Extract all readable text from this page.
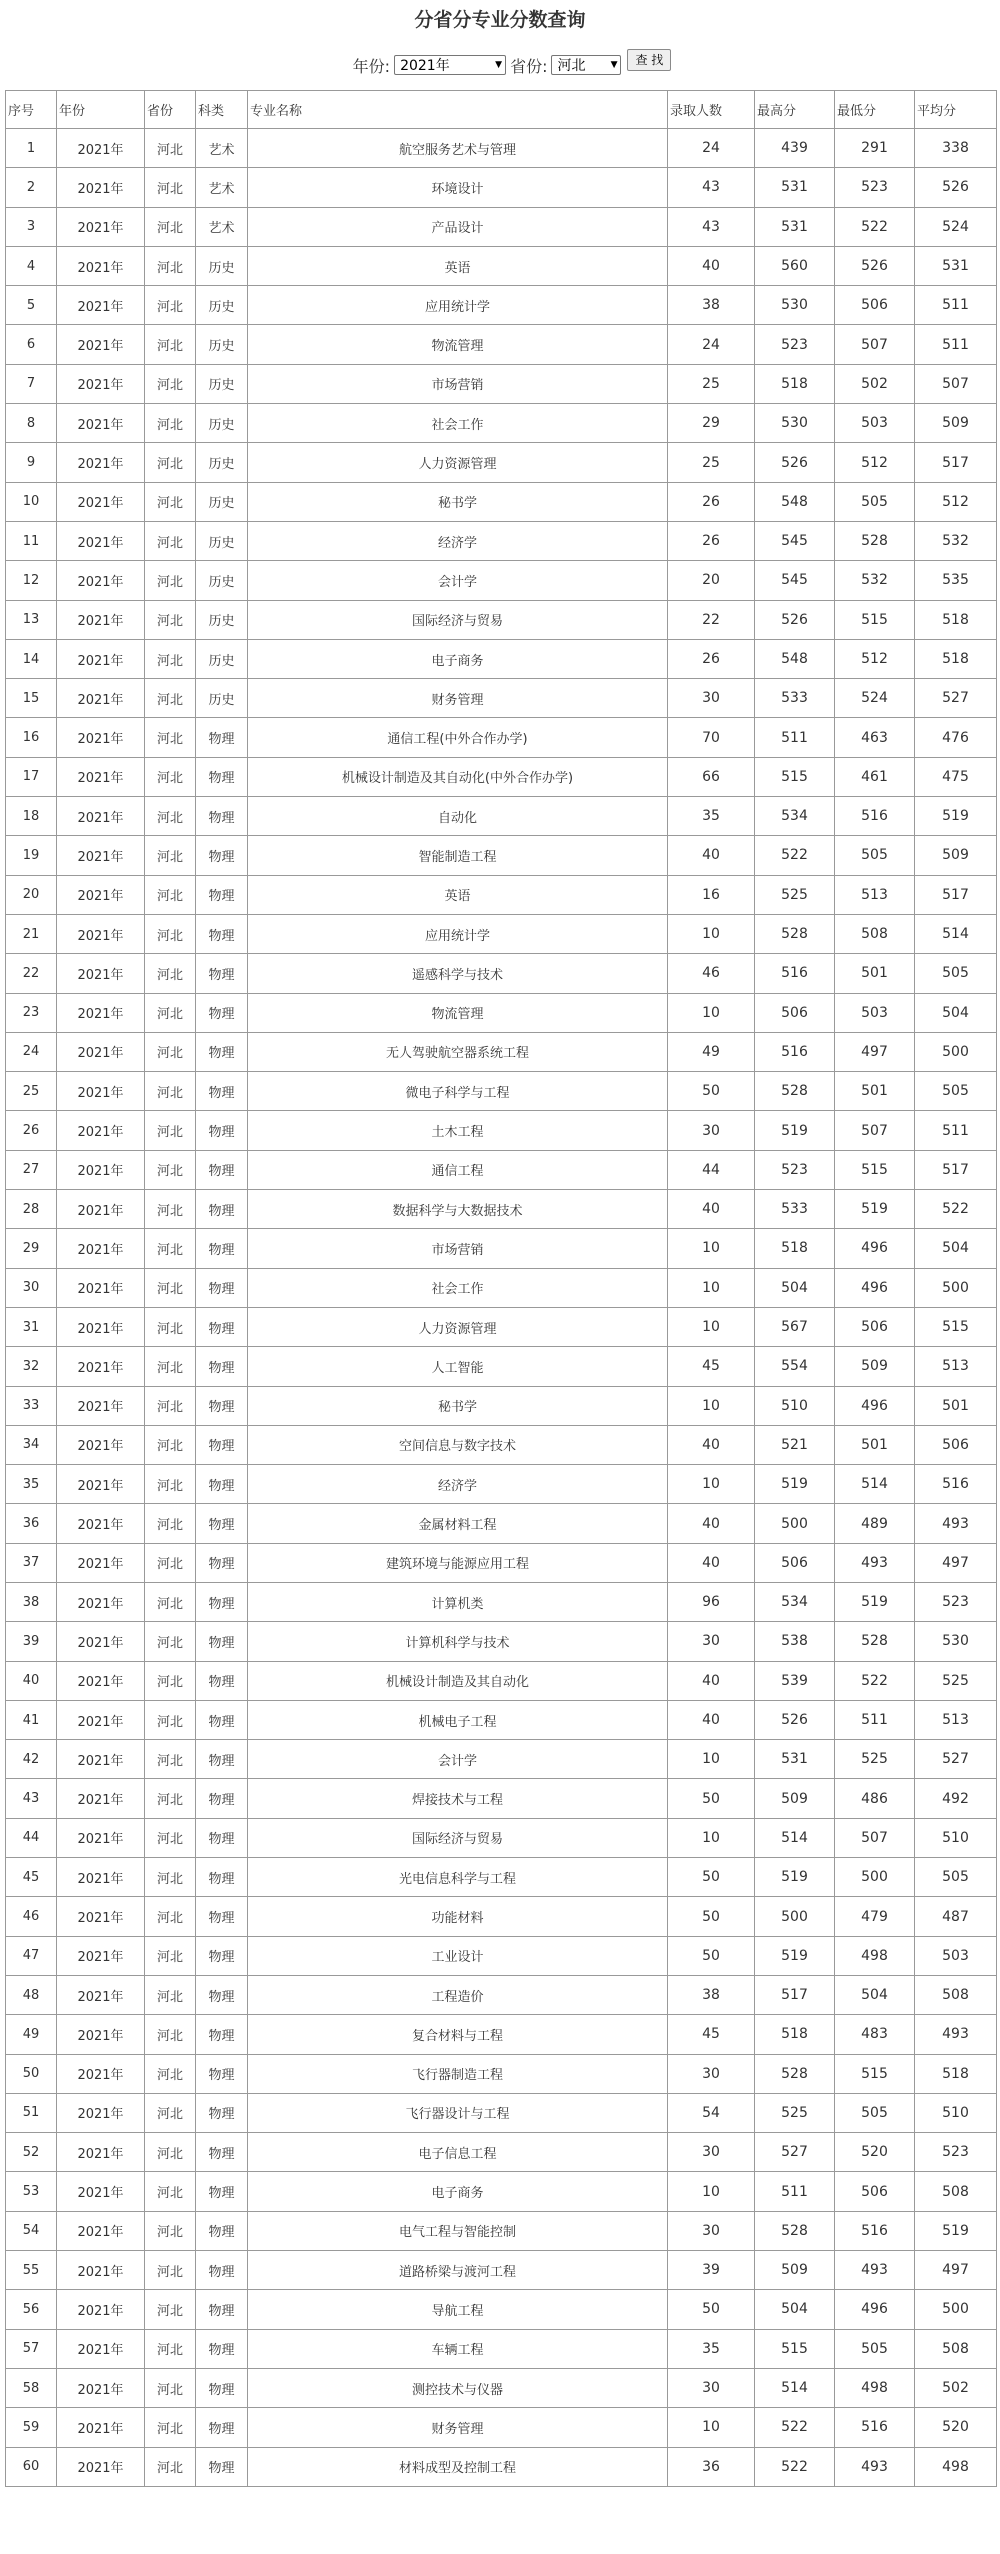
分省分专业分数查询
年份: 2021年	▼ 省份: 河北	▼	查 找
序号	年份	省份	科类	专业名称	录取人数	最高分	最低分	平均分
1	2021年	河北	艺术	航空服务艺术与管理	24	439	291	338
2	2021年	河北	艺术	环境设计	43	531	523	526
3	2021年	河北	艺术	产品设计	43	531	522	524
4	2021年	河北	历史	英语	40	560	526	531
5	2021年	河北	历史	应用统计学	38	530	506	511
6	2021年	河北	历史	物流管理	24	523	507	511
7	2021年	河北	历史	市场营销	25	518	502	507
8	2021年	河北	历史	社会工作	29	530	503	509
9	2021年	河北	历史	人力资源管理	25	526	512	517
10	2021年	河北	历史	秘书学	26	548	505	512
11	2021年	河北	历史	经济学	26	545	528	532
12	2021年	河北	历史	会计学	20	545	532	535
13	2021年	河北	历史	国际经济与贸易	22	526	515	518
14	2021年	河北	历史	电子商务	26	548	512	518
15	2021年	河北	历史	财务管理	30	533	524	527
16	2021年	河北	物理	通信工程(中外合作办学)	70	511	463	476
17	2021年	河北	物理	机械设计制造及其自动化(中外合作办学)	66	515	461	475
18	2021年	河北	物理	自动化	35	534	516	519
19	2021年	河北	物理	智能制造工程	40	522	505	509
20	2021年	河北	物理	英语	16	525	513	517
21	2021年	河北	物理	应用统计学	10	528	508	514
22	2021年	河北	物理	遥感科学与技术	46	516	501	505
23	2021年	河北	物理	物流管理	10	506	503	504
24	2021年	河北	物理	无人驾驶航空器系统工程	49	516	497	500
25	2021年	河北	物理	微电子科学与工程	50	528	501	505
26	2021年	河北	物理	土木工程	30	519	507	511
27	2021年	河北	物理	通信工程	44	523	515	517
28	2021年	河北	物理	数据科学与大数据技术	40	533	519	522
29	2021年	河北	物理	市场营销	10	518	496	504
30	2021年	河北	物理	社会工作	10	504	496	500
31	2021年	河北	物理	人力资源管理	10	567	506	515
32	2021年	河北	物理	人工智能	45	554	509	513
33	2021年	河北	物理	秘书学	10	510	496	501
34	2021年	河北	物理	空间信息与数字技术	40	521	501	506
35	2021年	河北	物理	经济学	10	519	514	516
36	2021年	河北	物理	金属材料工程	40	500	489	493
37	2021年	河北	物理	建筑环境与能源应用工程	40	506	493	497
38	2021年	河北	物理	计算机类	96	534	519	523
39	2021年	河北	物理	计算机科学与技术	30	538	528	530
40	2021年	河北	物理	机械设计制造及其自动化	40	539	522	525
41	2021年	河北	物理	机械电子工程	40	526	511	513
42	2021年	河北	物理	会计学	10	531	525	527
43	2021年	河北	物理	焊接技术与工程	50	509	486	492
44	2021年	河北	物理	国际经济与贸易	10	514	507	510
45	2021年	河北	物理	光电信息科学与工程	50	519	500	505
46	2021年	河北	物理	功能材料	50	500	479	487
47	2021年	河北	物理	工业设计	50	519	498	503
48	2021年	河北	物理	工程造价	38	517	504	508
49	2021年	河北	物理	复合材料与工程	45	518	483	493
50	2021年	河北	物理	飞行器制造工程	30	528	515	518
51	2021年	河北	物理	飞行器设计与工程	54	525	505	510
52	2021年	河北	物理	电子信息工程	30	527	520	523
53	2021年	河北	物理	电子商务	10	511	506	508
54	2021年	河北	物理	电气工程与智能控制	30	528	516	519
55	2021年	河北	物理	道路桥梁与渡河工程	39	509	493	497
56	2021年	河北	物理	导航工程	50	504	496	500
57	2021年	河北	物理	车辆工程	35	515	505	508
58	2021年	河北	物理	测控技术与仪器	30	514	498	502
59	2021年	河北	物理	财务管理	10	522	516	520
60	2021年	河北	物理	材料成型及控制工程	36	522	493	498
